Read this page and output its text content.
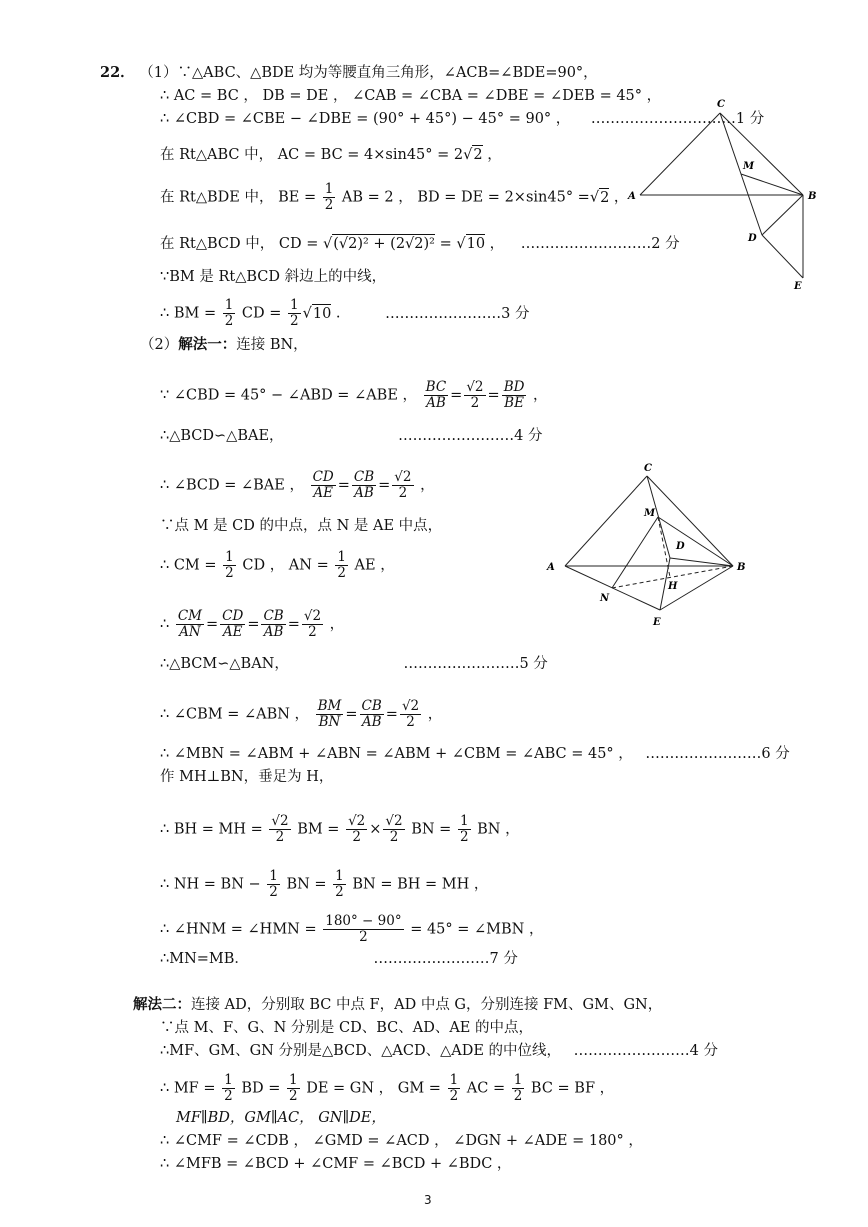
22． （1）∵△ABC、△BDE 均为等腰直角三角形，∠ACB=∠BDE=90°，
∴ AC = BC ， DB = DE ， ∠CAB = ∠CBA = ∠DBE = ∠DEB = 45° ，
∴ ∠CBD = ∠CBE − ∠DBE = (90° + 45°) − 45° = 90° ， …………………………1 分
在 Rt△ABC 中， AC = BC = 4×sin45° = 2√2 ，
在 Rt△BDE 中， BE = $\frac{1}{2}$ AB = 2 ， BD = DE = 2×sin45° =√2 ，
在 Rt△BCD 中， CD = √(√2)² + (2√2)² = √10 ， ………………………2 分
∵BM 是 Rt△BCD 斜边上的中线，
∴ BM = $\frac{1}{2}$ CD = $\frac{1}{2} √10$ .	……………………3 分
（2）解法一：连接 BN，
∵ ∠CBD = 45° − ∠ABD = ∠ABE ， $\frac{BC}{AB} = \frac{√2}{2} = \frac{BD}{BE}$ ，
∴△BCD∽△BAE，	……………………4 分
∴ ∠BCD = ∠BAE ， $\frac{CD}{AE} = \frac{CB}{AB} = \frac{√2}{2}$ ，
∵点 M 是 CD 的中点，点 N 是 AE 中点，
∴ CM = $\frac{1}{2}$ CD ， AN = $\frac{1}{2}$ AE ，
∴ $\frac{CM}{AN} = \frac{CD}{AE} = \frac{CB}{AB} = \frac{√2}{2}$ ，
∴△BCM∽△BAN，	……………………5 分
∴ ∠CBM = ∠ABN ， $\frac{BM}{BN} = \frac{CB}{AB} = \frac{√2}{2}$ ，
∴ ∠MBN = ∠ABM + ∠ABN = ∠ABM + ∠CBM = ∠ABC = 45° ， ……………………6 分
作 MH⊥BN，垂足为 H，
∴ BH = MH = $\frac{√2}{2}$ BM = $\frac{√2}{2} \times \frac{√2}{2}$ BN = $\frac{1}{2}$ BN ，
∴ NH = BN − $\frac{1}{2}$ BN = $\frac{1}{2}$ BN = BH = MH ，
∴ ∠HNM = ∠HMN = $\frac{180^\circ - 90^\circ}{2} = 45^\circ$ = ∠MBN ，
∴MN=MB．	……………………7 分
解法二：连接 AD，分别取 BC 中点 F，AD 中点 G，分别连接 FM、GM、GN，
∵点 M、F、G、N 分别是 CD、BC、AD、AE 的中点，
∴MF、GM、GN 分别是△BCD、△ACD、△ADE 的中位线， ……………………4 分
∴ MF = $\frac{1}{2}$ BD = $\frac{1}{2}$ DE = GN ， GM = $\frac{1}{2}$ AC = $\frac{1}{2}$ BC = BF ，
MF∥BD，GM∥AC， GN∥DE，
∴ ∠CMF = ∠CDB ， ∠GMD = ∠ACD ， ∠DGN + ∠ADE = 180° ，
∴ ∠MFB = ∠BCD + ∠CMF = ∠BCD + ∠BDC ，
C
M
A	B
D
E
C
M
D
A	B
N
H
E
3
